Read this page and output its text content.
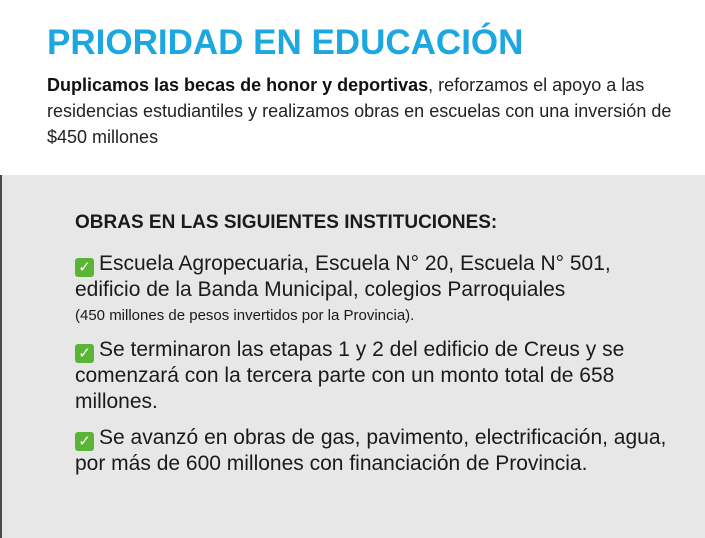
PRIORIDAD EN EDUCACIÓN

Duplicamos las becas de honor y deportivas, reforzamos el apoyo a las residencias estudiantiles y realizamos obras en escuelas con una inversión de $450 millones

OBRAS EN LAS SIGUIENTES INSTITUCIONES:

✓ Escuela Agropecuaria, Escuela N° 20, Escuela N° 501, edificio de la Banda Municipal, colegios Parroquiales
(450 millones de pesos invertidos por la Provincia).

✓ Se terminaron las etapas 1 y 2 del edificio de Creus y se comenzará con la tercera parte con un monto total de 658 millones.

✓ Se avanzó en obras de gas, pavimento, electrificación, agua, por más de 600 millones con financiación de Provincia.
